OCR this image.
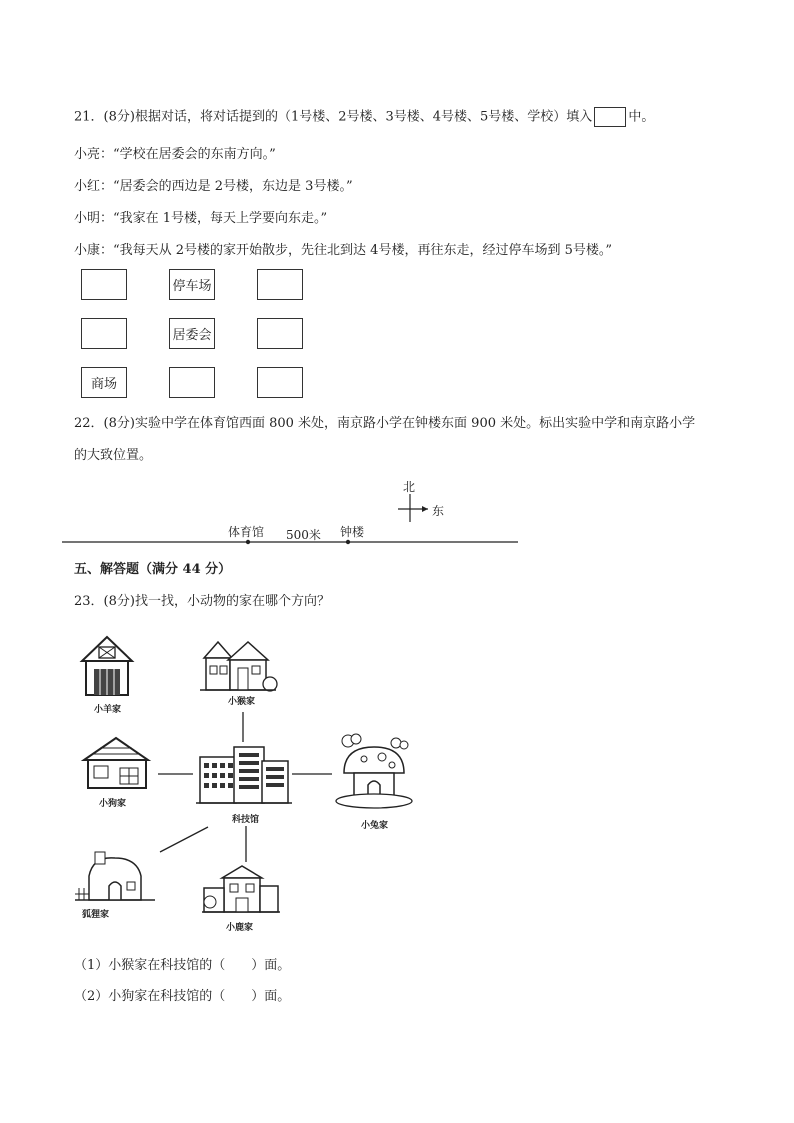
21．(8分)根据对话，将对话提到的（1号楼、2号楼、3号楼、4号楼、5号楼、学校）填入	中。
小亮：“学校在居委会的东南方向。”
小红：“居委会的西边是 2号楼，东边是 3号楼。”
小明：“我家在 1号楼，每天上学要向东走。”
小康：“我每天从 2号楼的家开始散步，先往北到达 4号楼，再往东走，经过停车场到 5号楼。”
停车场
居委会
商场
22．(8分)实验中学在体育馆西面 800 米处，南京路小学在钟楼东面 900 米处。标出实验中学和南京路小学
的大致位置。
北
东
体育馆 500米 钟楼
五、解答题（满分 44 分）
23．(8分)找一找，小动物的家在哪个方向？
小羊家
小猴家
小狗家
科技馆
小兔家
狐狸家
小鹿家
（1）小猴家在科技馆的（　　）面。
（2）小狗家在科技馆的（　　）面。
